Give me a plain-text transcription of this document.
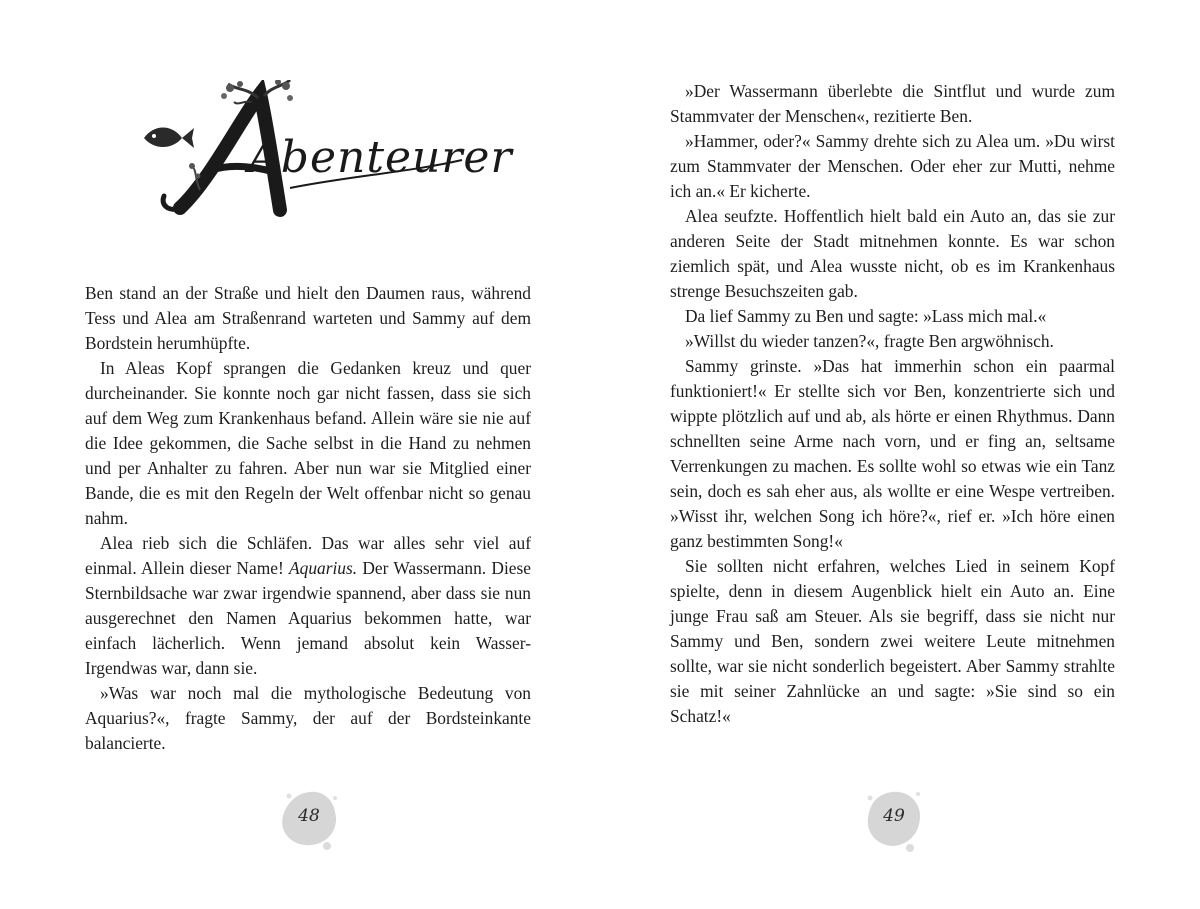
Abenteurer

Ben stand an der Straße und hielt den Daumen raus, während Tess und Alea am Straßenrand warteten und Sammy auf dem Bordstein herumhüpfte.

In Aleas Kopf sprangen die Gedanken kreuz und quer durcheinander. Sie konnte noch gar nicht fassen, dass sie sich auf dem Weg zum Krankenhaus befand. Allein wäre sie nie auf die Idee gekommen, die Sache selbst in die Hand zu nehmen und per Anhalter zu fahren. Aber nun war sie Mitglied einer Bande, die es mit den Regeln der Welt offenbar nicht so genau nahm.

Alea rieb sich die Schläfen. Das war alles sehr viel auf einmal. Allein dieser Name! Aquarius. Der Wassermann. Diese Sternbildsache war zwar irgendwie spannend, aber dass sie nun ausgerechnet den Namen Aquarius bekommen hatte, war einfach lächerlich. Wenn jemand absolut kein Wasser-Irgendwas war, dann sie.

»Was war noch mal die mythologische Bedeutung von Aquarius?«, fragte Sammy, der auf der Bordsteinkante balancierte.

48

»Der Wassermann überlebte die Sintflut und wurde zum Stammvater der Menschen«, rezitierte Ben.

»Hammer, oder?« Sammy drehte sich zu Alea um. »Du wirst zum Stammvater der Menschen. Oder eher zur Mutti, nehme ich an.« Er kicherte.

Alea seufzte. Hoffentlich hielt bald ein Auto an, das sie zur anderen Seite der Stadt mitnehmen konnte. Es war schon ziemlich spät, und Alea wusste nicht, ob es im Krankenhaus strenge Besuchszeiten gab.

Da lief Sammy zu Ben und sagte: »Lass mich mal.«

»Willst du wieder tanzen?«, fragte Ben argwöhnisch.

Sammy grinste. »Das hat immerhin schon ein paarmal funktioniert!« Er stellte sich vor Ben, konzentrierte sich und wippte plötzlich auf und ab, als hörte er einen Rhythmus. Dann schnellten seine Arme nach vorn, und er fing an, seltsame Verrenkungen zu machen. Es sollte wohl so etwas wie ein Tanz sein, doch es sah eher aus, als wollte er eine Wespe vertreiben. »Wisst ihr, welchen Song ich höre?«, rief er. »Ich höre einen ganz bestimmten Song!«

Sie sollten nicht erfahren, welches Lied in seinem Kopf spielte, denn in diesem Augenblick hielt ein Auto an. Eine junge Frau saß am Steuer. Als sie begriff, dass sie nicht nur Sammy und Ben, sondern zwei weitere Leute mitnehmen sollte, war sie nicht sonderlich begeistert. Aber Sammy strahlte sie mit seiner Zahnlücke an und sagte: »Sie sind so ein Schatz!«

49
